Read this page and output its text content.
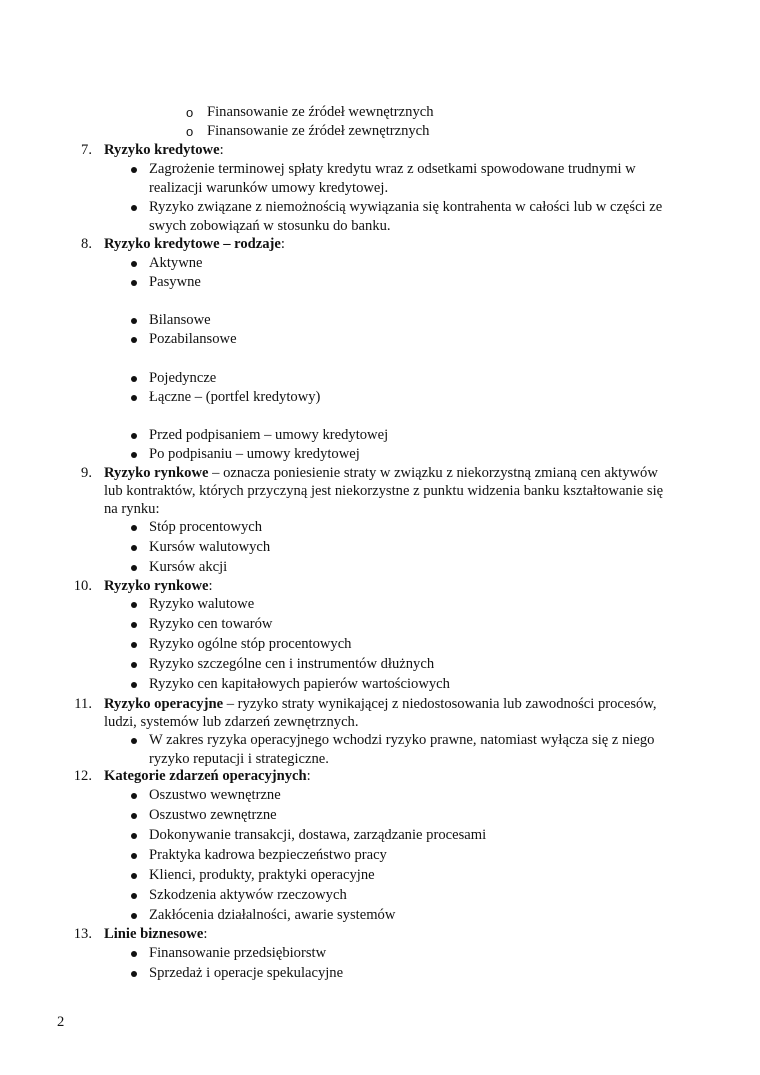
o Finansowanie ze źródeł wewnętrznych
o Finansowanie ze źródeł zewnętrznych
7. Ryzyko kredytowe:
Zagrożenie terminowej spłaty kredytu wraz z odsetkami spowodowane trudnymi w
realizacji warunków umowy kredytowej.
Ryzyko związane z niemożnością wywiązania się kontrahenta w całości lub w części ze
swych zobowiązań w stosunku do banku.
8. Ryzyko kredytowe – rodzaje:
Aktywne
Pasywne
Bilansowe
Pozabilansowe
Pojedyncze
Łączne – (portfel kredytowy)
Przed podpisaniem – umowy kredytowej
Po podpisaniu – umowy kredytowej
9. Ryzyko rynkowe – oznacza poniesienie straty w związku z niekorzystną zmianą cen aktywów
lub kontraktów, których przyczyną jest niekorzystne z punktu widzenia banku kształtowanie się
na rynku:
Stóp procentowych
Kursów walutowych
Kursów akcji
10. Ryzyko rynkowe:
Ryzyko walutowe
Ryzyko cen towarów
Ryzyko ogólne stóp procentowych
Ryzyko szczególne cen i instrumentów dłużnych
Ryzyko cen kapitałowych papierów wartościowych
11. Ryzyko operacyjne – ryzyko straty wynikającej z niedostosowania lub zawodności procesów,
ludzi, systemów lub zdarzeń zewnętrznych.
W zakres ryzyka operacyjnego wchodzi ryzyko prawne, natomiast wyłącza się z niego
ryzyko reputacji i strategiczne.
12. Kategorie zdarzeń operacyjnych:
Oszustwo wewnętrzne
Oszustwo zewnętrzne
Dokonywanie transakcji, dostawa, zarządzanie procesami
Praktyka kadrowa bezpieczeństwo pracy
Klienci, produkty, praktyki operacyjne
Szkodzenia aktywów rzeczowych
Zakłócenia działalności, awarie systemów
13. Linie biznesowe:
Finansowanie przedsiębiorstw
Sprzedaż i operacje spekulacyjne
2
